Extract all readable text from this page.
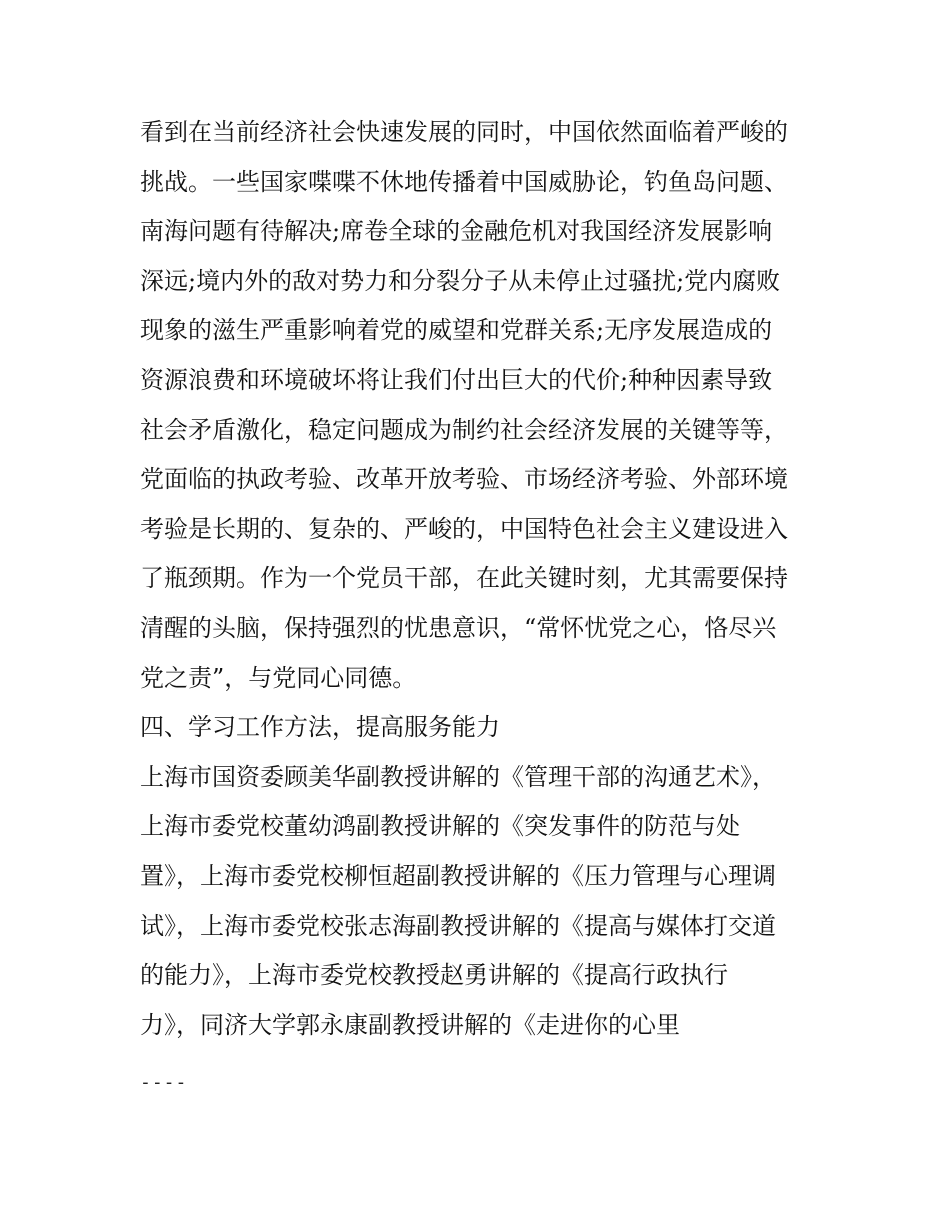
看到在当前经济社会快速发展的同时，中国依然面临着严峻的
挑战。一些国家喋喋不休地传播着中国威胁论，钓鱼岛问题、
南海问题有待解决;席卷全球的金融危机对我国经济发展影响
深远;境内外的敌对势力和分裂分子从未停止过骚扰;党内腐败
现象的滋生严重影响着党的威望和党群关系;无序发展造成的
资源浪费和环境破坏将让我们付出巨大的代价;种种因素导致
社会矛盾激化，稳定问题成为制约社会经济发展的关键等等，
党面临的执政考验、改革开放考验、市场经济考验、外部环境
考验是长期的、复杂的、严峻的，中国特色社会主义建设进入
了瓶颈期。作为一个党员干部，在此关键时刻，尤其需要保持
清醒的头脑，保持强烈的忧患意识，“常怀忧党之心，恪尽兴
党之责”，与党同心同德。
四、学习工作方法，提高服务能力
上海市国资委顾美华副教授讲解的《管理干部的沟通艺术》，
上海市委党校董幼鸿副教授讲解的《突发事件的防范与处
置》，上海市委党校柳恒超副教授讲解的《压力管理与心理调
试》，上海市委党校张志海副教授讲解的《提高与媒体打交道
的能力》，上海市委党校教授赵勇讲解的《提高行政执行
力》，同济大学郭永康副教授讲解的《走进你的心里
----
